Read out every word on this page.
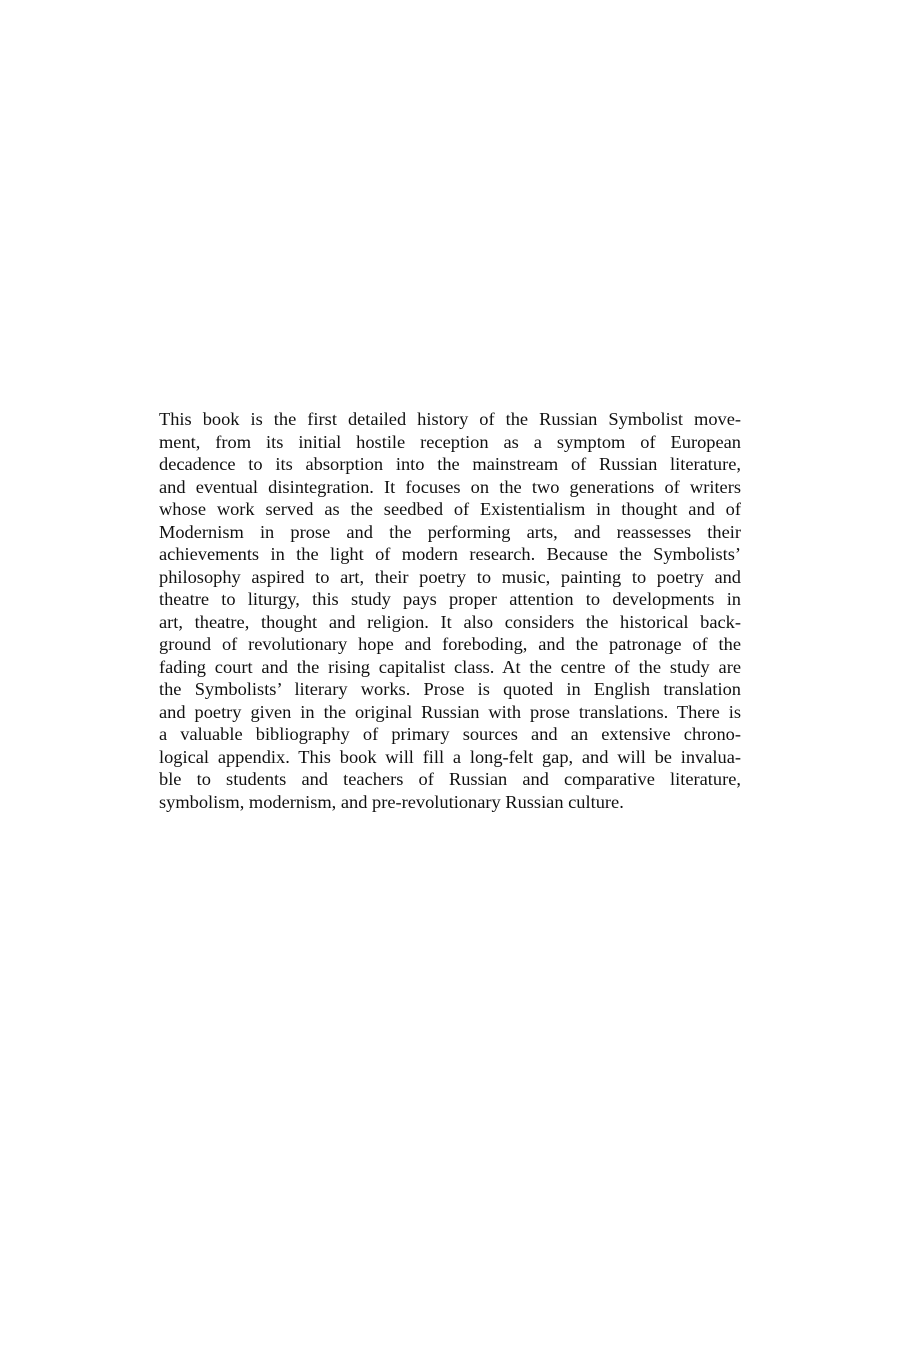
This book is the first detailed history of the Russian Symbolist move-
ment, from its initial hostile reception as a symptom of European
decadence to its absorption into the mainstream of Russian literature,
and eventual disintegration. It focuses on the two generations of writers
whose work served as the seedbed of Existentialism in thought and of
Modernism in prose and the performing arts, and reassesses their
achievements in the light of modern research. Because the Symbolists’
philosophy aspired to art, their poetry to music, painting to poetry and
theatre to liturgy, this study pays proper attention to developments in
art, theatre, thought and religion. It also considers the historical back-
ground of revolutionary hope and foreboding, and the patronage of the
fading court and the rising capitalist class. At the centre of the study are
the Symbolists’ literary works. Prose is quoted in English translation
and poetry given in the original Russian with prose translations. There is
a valuable bibliography of primary sources and an extensive chrono-
logical appendix. This book will fill a long-felt gap, and will be invalua-
ble to students and teachers of Russian and comparative literature,
symbolism, modernism, and pre-revolutionary Russian culture.
